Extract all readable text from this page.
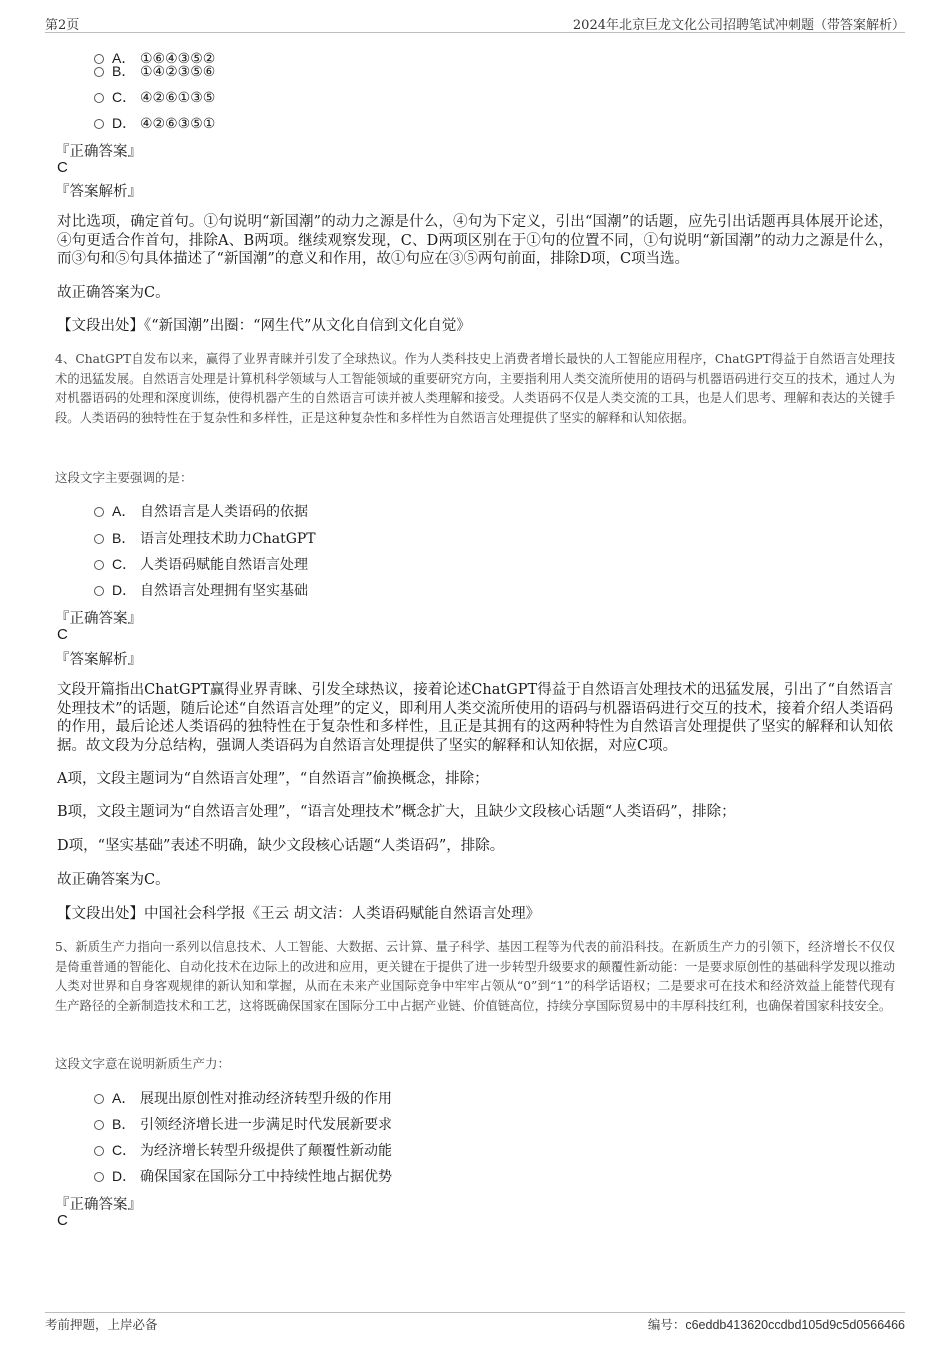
第2页	2024年北京巨龙文化公司招聘笔试冲刺题（带答案解析）
A． ①⑥④③⑤②
B． ①④②③⑤⑥
C． ④②⑥①③⑤
D． ④②⑥③⑤①
『正确答案』
C
『答案解析』
对比选项，确定首句。①句说明“新国潮”的动力之源是什么，④句为下定义，引出“国潮”的话题，应先引出话题再具体展开论述，④句更适合作首句，排除A、B两项。继续观察发现，C、D两项区别在于①句的位置不同，①句说明“新国潮”的动力之源是什么，而③句和⑤句具体描述了“新国潮”的意义和作用，故①句应在③⑤两句前面，排除D项，C项当选。
故正确答案为C。
【文段出处】《“新国潮”出圈：“网生代”从文化自信到文化自觉》
4、ChatGPT自发布以来，赢得了业界青睐并引发了全球热议。作为人类科技史上消费者增长最快的人工智能应用程序，ChatGPT得益于自然语言处理技术的迅猛发展。自然语言处理是计算机科学领域与人工智能领域的重要研究方向，主要指利用人类交流所使用的语码与机器语码进行交互的技术，通过人为对机器语码的处理和深度训练，使得机器产生的自然语言可读并被人类理解和接受。人类语码不仅是人类交流的工具，也是人们思考、理解和表达的关键手段。人类语码的独特性在于复杂性和多样性，正是这种复杂性和多样性为自然语言处理提供了坚实的解释和认知依据。
这段文字主要强调的是：
A． 自然语言是人类语码的依据
B． 语言处理技术助力ChatGPT
C． 人类语码赋能自然语言处理
D． 自然语言处理拥有坚实基础
『正确答案』
C
『答案解析』
文段开篇指出ChatGPT赢得业界青睐、引发全球热议，接着论述ChatGPT得益于自然语言处理技术的迅猛发展，引出了“自然语言处理技术”的话题，随后论述“自然语言处理”的定义，即利用人类交流所使用的语码与机器语码进行交互的技术，接着介绍人类语码的作用，最后论述人类语码的独特性在于复杂性和多样性，且正是其拥有的这两种特性为自然语言处理提供了坚实的解释和认知依据。故文段为分总结构，强调人类语码为自然语言处理提供了坚实的解释和认知依据，对应C项。
A项，文段主题词为“自然语言处理”，“自然语言”偷换概念，排除；
B项，文段主题词为“自然语言处理”，“语言处理技术”概念扩大，且缺少文段核心话题“人类语码”，排除；
D项，“坚实基础”表述不明确，缺少文段核心话题“人类语码”，排除。
故正确答案为C。
【文段出处】中国社会科学报《王云 胡文洁：人类语码赋能自然语言处理》
5、新质生产力指向一系列以信息技术、人工智能、大数据、云计算、量子科学、基因工程等为代表的前沿科技。在新质生产力的引领下，经济增长不仅仅是倚重普通的智能化、自动化技术在边际上的改进和应用，更关键在于提供了进一步转型升级要求的颠覆性新动能：一是要求原创性的基础科学发现以推动人类对世界和自身客观规律的新认知和掌握，从而在未来产业国际竞争中牢牢占领从“0”到“1”的科学话语权；二是要求可在技术和经济效益上能替代现有生产路径的全新制造技术和工艺，这将既确保国家在国际分工中占据产业链、价值链高位，持续分享国际贸易中的丰厚科技红利，也确保着国家科技安全。
这段文字意在说明新质生产力：
A． 展现出原创性对推动经济转型升级的作用
B． 引领经济增长进一步满足时代发展新要求
C． 为经济增长转型升级提供了颠覆性新动能
D． 确保国家在国际分工中持续性地占据优势
『正确答案』
C
考前押题，上岸必备	编号：c6eddb413620ccdbd105d9c5d0566466
